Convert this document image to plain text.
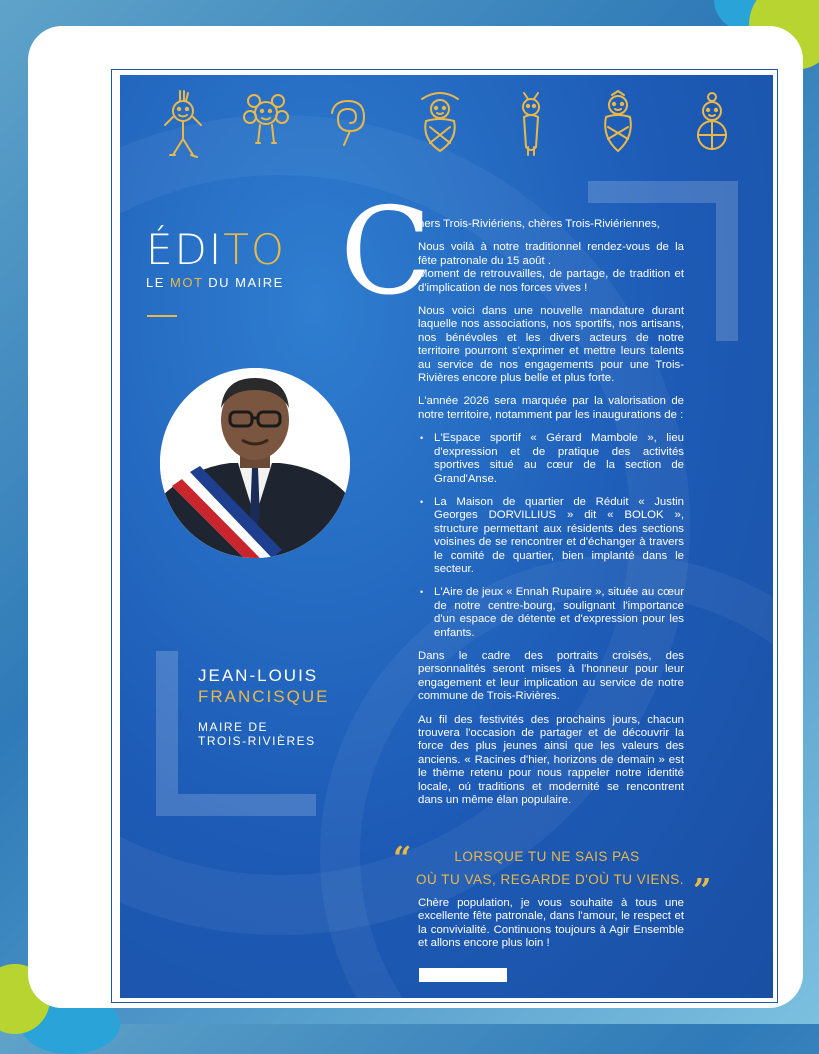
ÉDITO
LE MOT DU MAIRE
JEAN-LOUIS
FRANCISQUE
MAIRE DE
TROIS-RIVIÈRES
C

hers Trois-Riviériens, chères Trois-Riviériennes,

Nous voilà à notre traditionnel rendez-vous de la fête patronale du 15 août .

Moment de retrouvailles, de partage, de tradition et d'implication de nos forces vives !

Nous voici dans une nouvelle mandature durant laquelle nos associations, nos sportifs, nos artisans, nos bénévoles et les divers acteurs de notre territoire pourront s'exprimer et mettre leurs talents au service de nos engagements pour une Trois-Rivières encore plus belle et plus forte.

L'année 2026 sera marquée par la valorisation de notre territoire, notamment par les inaugurations de :

• L'Espace sportif « Gérard Mambole », lieu d'expression et de pratique des activités sportives situé au cœur de la section de Grand'Anse.
• La Maison de quartier de Réduit « Justin Georges DORVILLIUS » dit « BOLOK », structure permettant aux résidents des sections voisines de se rencontrer et d'échanger à travers le comité de quartier, bien implanté dans le secteur.
• L'Aire de jeux « Ennah Rupaire », située au cœur de notre centre-bourg, soulignant l'importance d'un espace de détente et d'expression pour les enfants.

Dans le cadre des portraits croisés, des personnalités seront mises à l'honneur pour leur engagement et leur implication au service de notre commune de Trois-Rivières.

Au fil des festivités des prochains jours, chacun trouvera l'occasion de partager et de découvrir la force des plus jeunes ainsi que les valeurs des anciens. « Racines d'hier, horizons de demain » est le thème retenu pour nous rappeler notre identité locale, oú traditions et modernité se rencontrent dans un même élan populaire.

“	LORSQUE TU NE SAIS PAS
OÙ TU VAS, REGARDE D'OÙ TU VIENS. ”

Chère population, je vous souhaite à tous une excellente fête patronale, dans l'amour, le respect et la convivialité. Continuons toujours à Agir Ensemble et allons encore plus loin !
